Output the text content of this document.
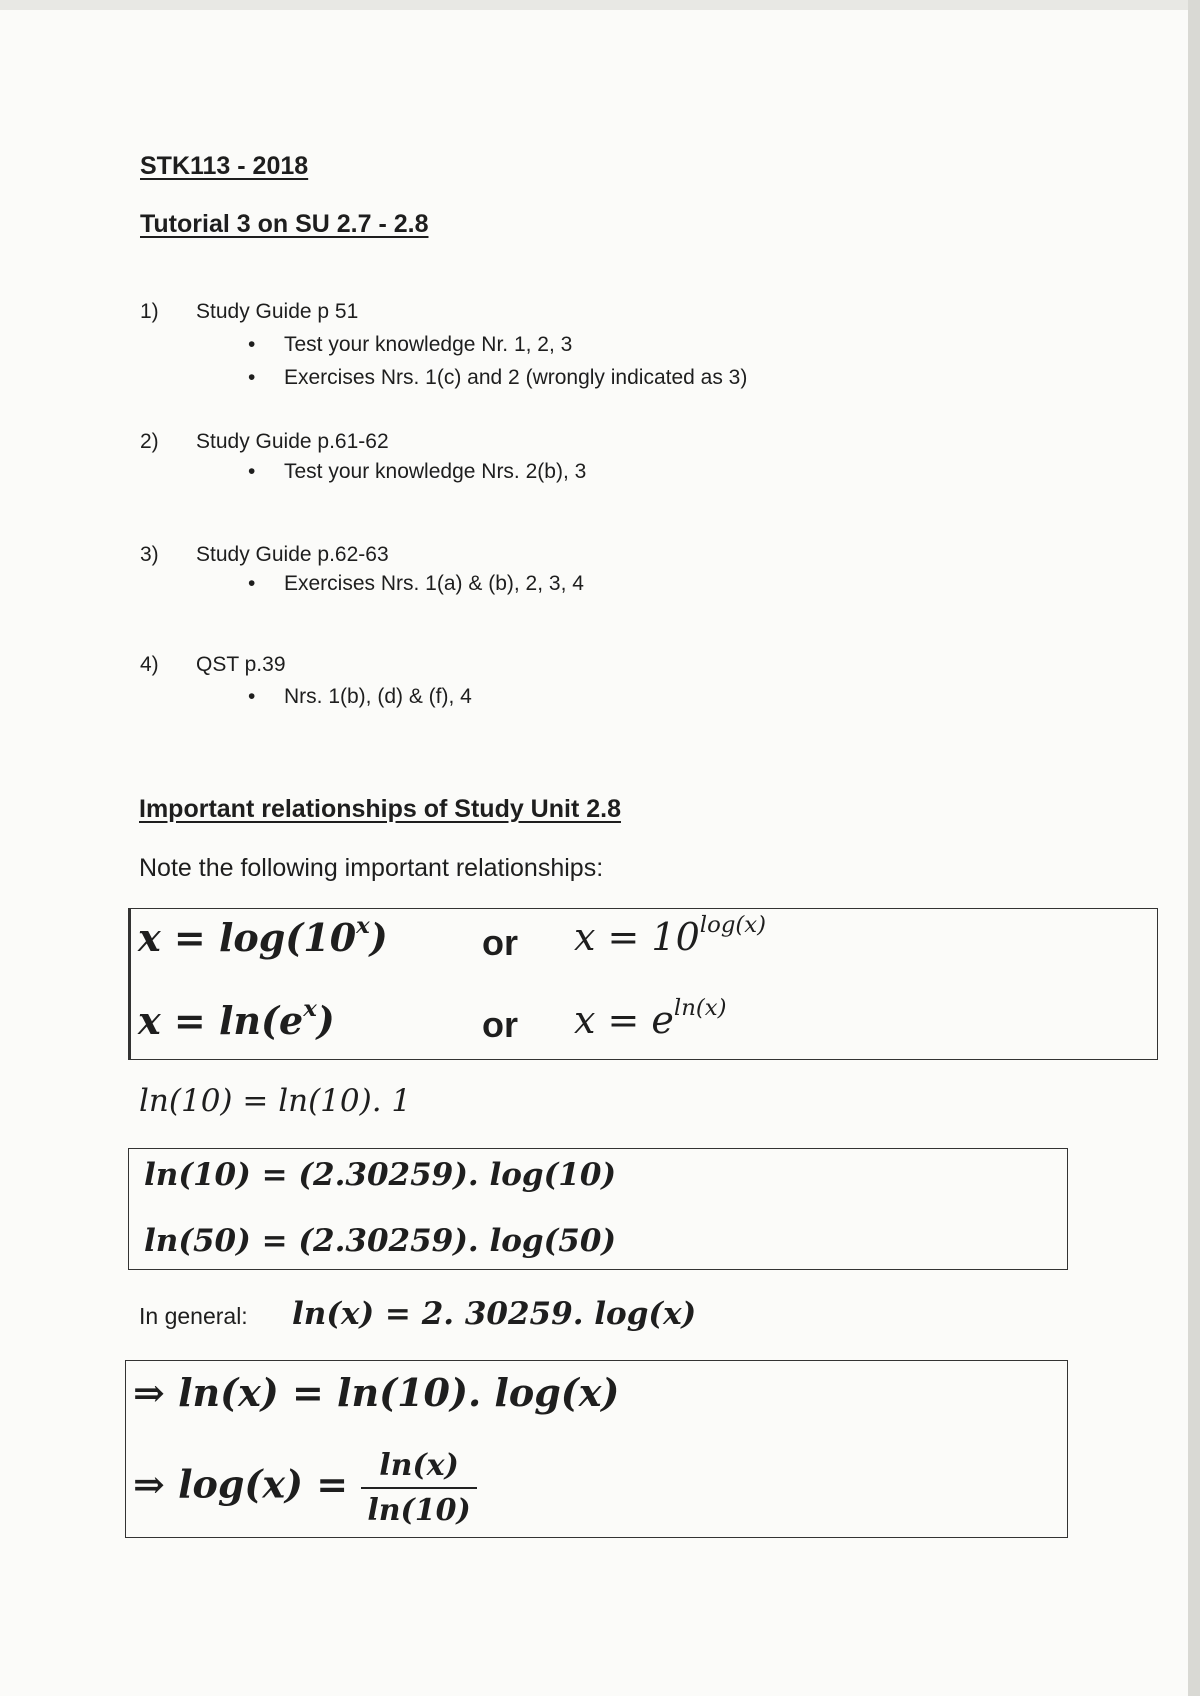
STK113 - 2018
Tutorial 3 on SU 2.7 - 2.8
1) Study Guide p 51
• Test your knowledge Nr. 1, 2, 3
• Exercises Nrs. 1(c) and 2 (wrongly indicated as 3)
2) Study Guide p.61-62
• Test your knowledge Nrs. 2(b), 3
3) Study Guide p.62-63
• Exercises Nrs. 1(a) & (b), 2, 3, 4
4) QST p.39
• Nrs. 1(b), (d) & (f), 4
Important relationships of Study Unit 2.8
Note the following important relationships:
$x = \log(10^x)$	or $x = 10^{log(x)}$
$x = \ln(e^x)$	or $x = e^{ln(x)}$
ln(10) = ln(10). 1
ln(10) = (2.30259). log(10)
ln(50) = (2.30259). log(50)
In general: ln(x) = 2. 30259. log(x)
⇒ ln(x) = ln(10). log(x)
⇒ $\log(x) = \frac{\ln(x)}{\ln(10)}$
